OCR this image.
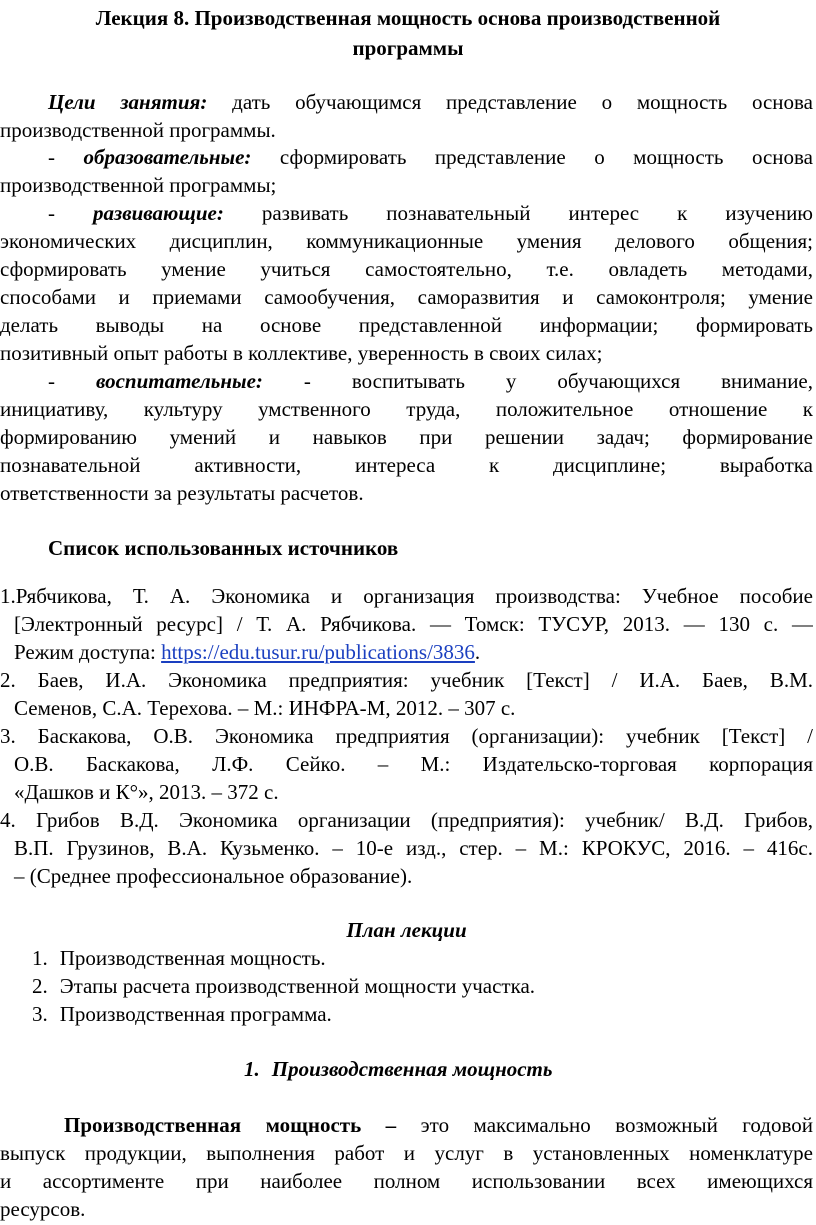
Лекция 8. Производственная мощность основа производственной
программы
Цели занятия: дать обучающимся представление о мощность основа
производственной программы.
- образовательные: сформировать представление о мощность основа
производственной программы;
- развивающие: развивать познавательный интерес к изучению
экономических дисциплин, коммуникационные умения делового общения;
сформировать умение учиться самостоятельно, т.е. овладеть методами,
способами и приемами самообучения, саморазвития и самоконтроля; умение
делать выводы на основе представленной информации; формировать
позитивный опыт работы в коллективе, уверенность в своих силах;
- воспитательные: - воспитывать у обучающихся внимание,
инициативу, культуру умственного труда, положительное отношение к
формированию умений и навыков при решении задач; формирование
познавательной активности, интереса к дисциплине; выработка
ответственности за результаты расчетов.
Список использованных источников
1.Рябчикова, Т. А. Экономика и организация производства: Учебное пособие
[Электронный ресурс] / Т. А. Рябчикова. — Томск: ТУСУР, 2013. — 130 с. —
Режим доступа: https://edu.tusur.ru/publications/3836.
2. Баев, И.А. Экономика предприятия: учебник [Текст] / И.А. Баев, В.М.
Семенов, С.А. Терехова. – М.: ИНФРА-М, 2012. – 307 с.
3. Баскакова, О.В. Экономика предприятия (организации): учебник [Текст] /
О.В. Баскакова, Л.Ф. Сейко. – М.: Издательско-торговая корпорация
«Дашков и К°», 2013. – 372 с.
4. Грибов В.Д. Экономика организации (предприятия): учебник/ В.Д. Грибов,
В.П. Грузинов, В.А. Кузьменко. – 10-е изд., стер. – М.: КРОКУС, 2016. – 416с.
– (Среднее профессиональное образование).
План лекции
1. Производственная мощность.
2. Этапы расчета производственной мощности участка.
3. Производственная программа.
1. Производственная мощность
Производственная мощность – это максимально возможный годовой
выпуск продукции, выполнения работ и услуг в установленных номенклатуре
и ассортименте при наиболее полном использовании всех имеющихся
ресурсов.
